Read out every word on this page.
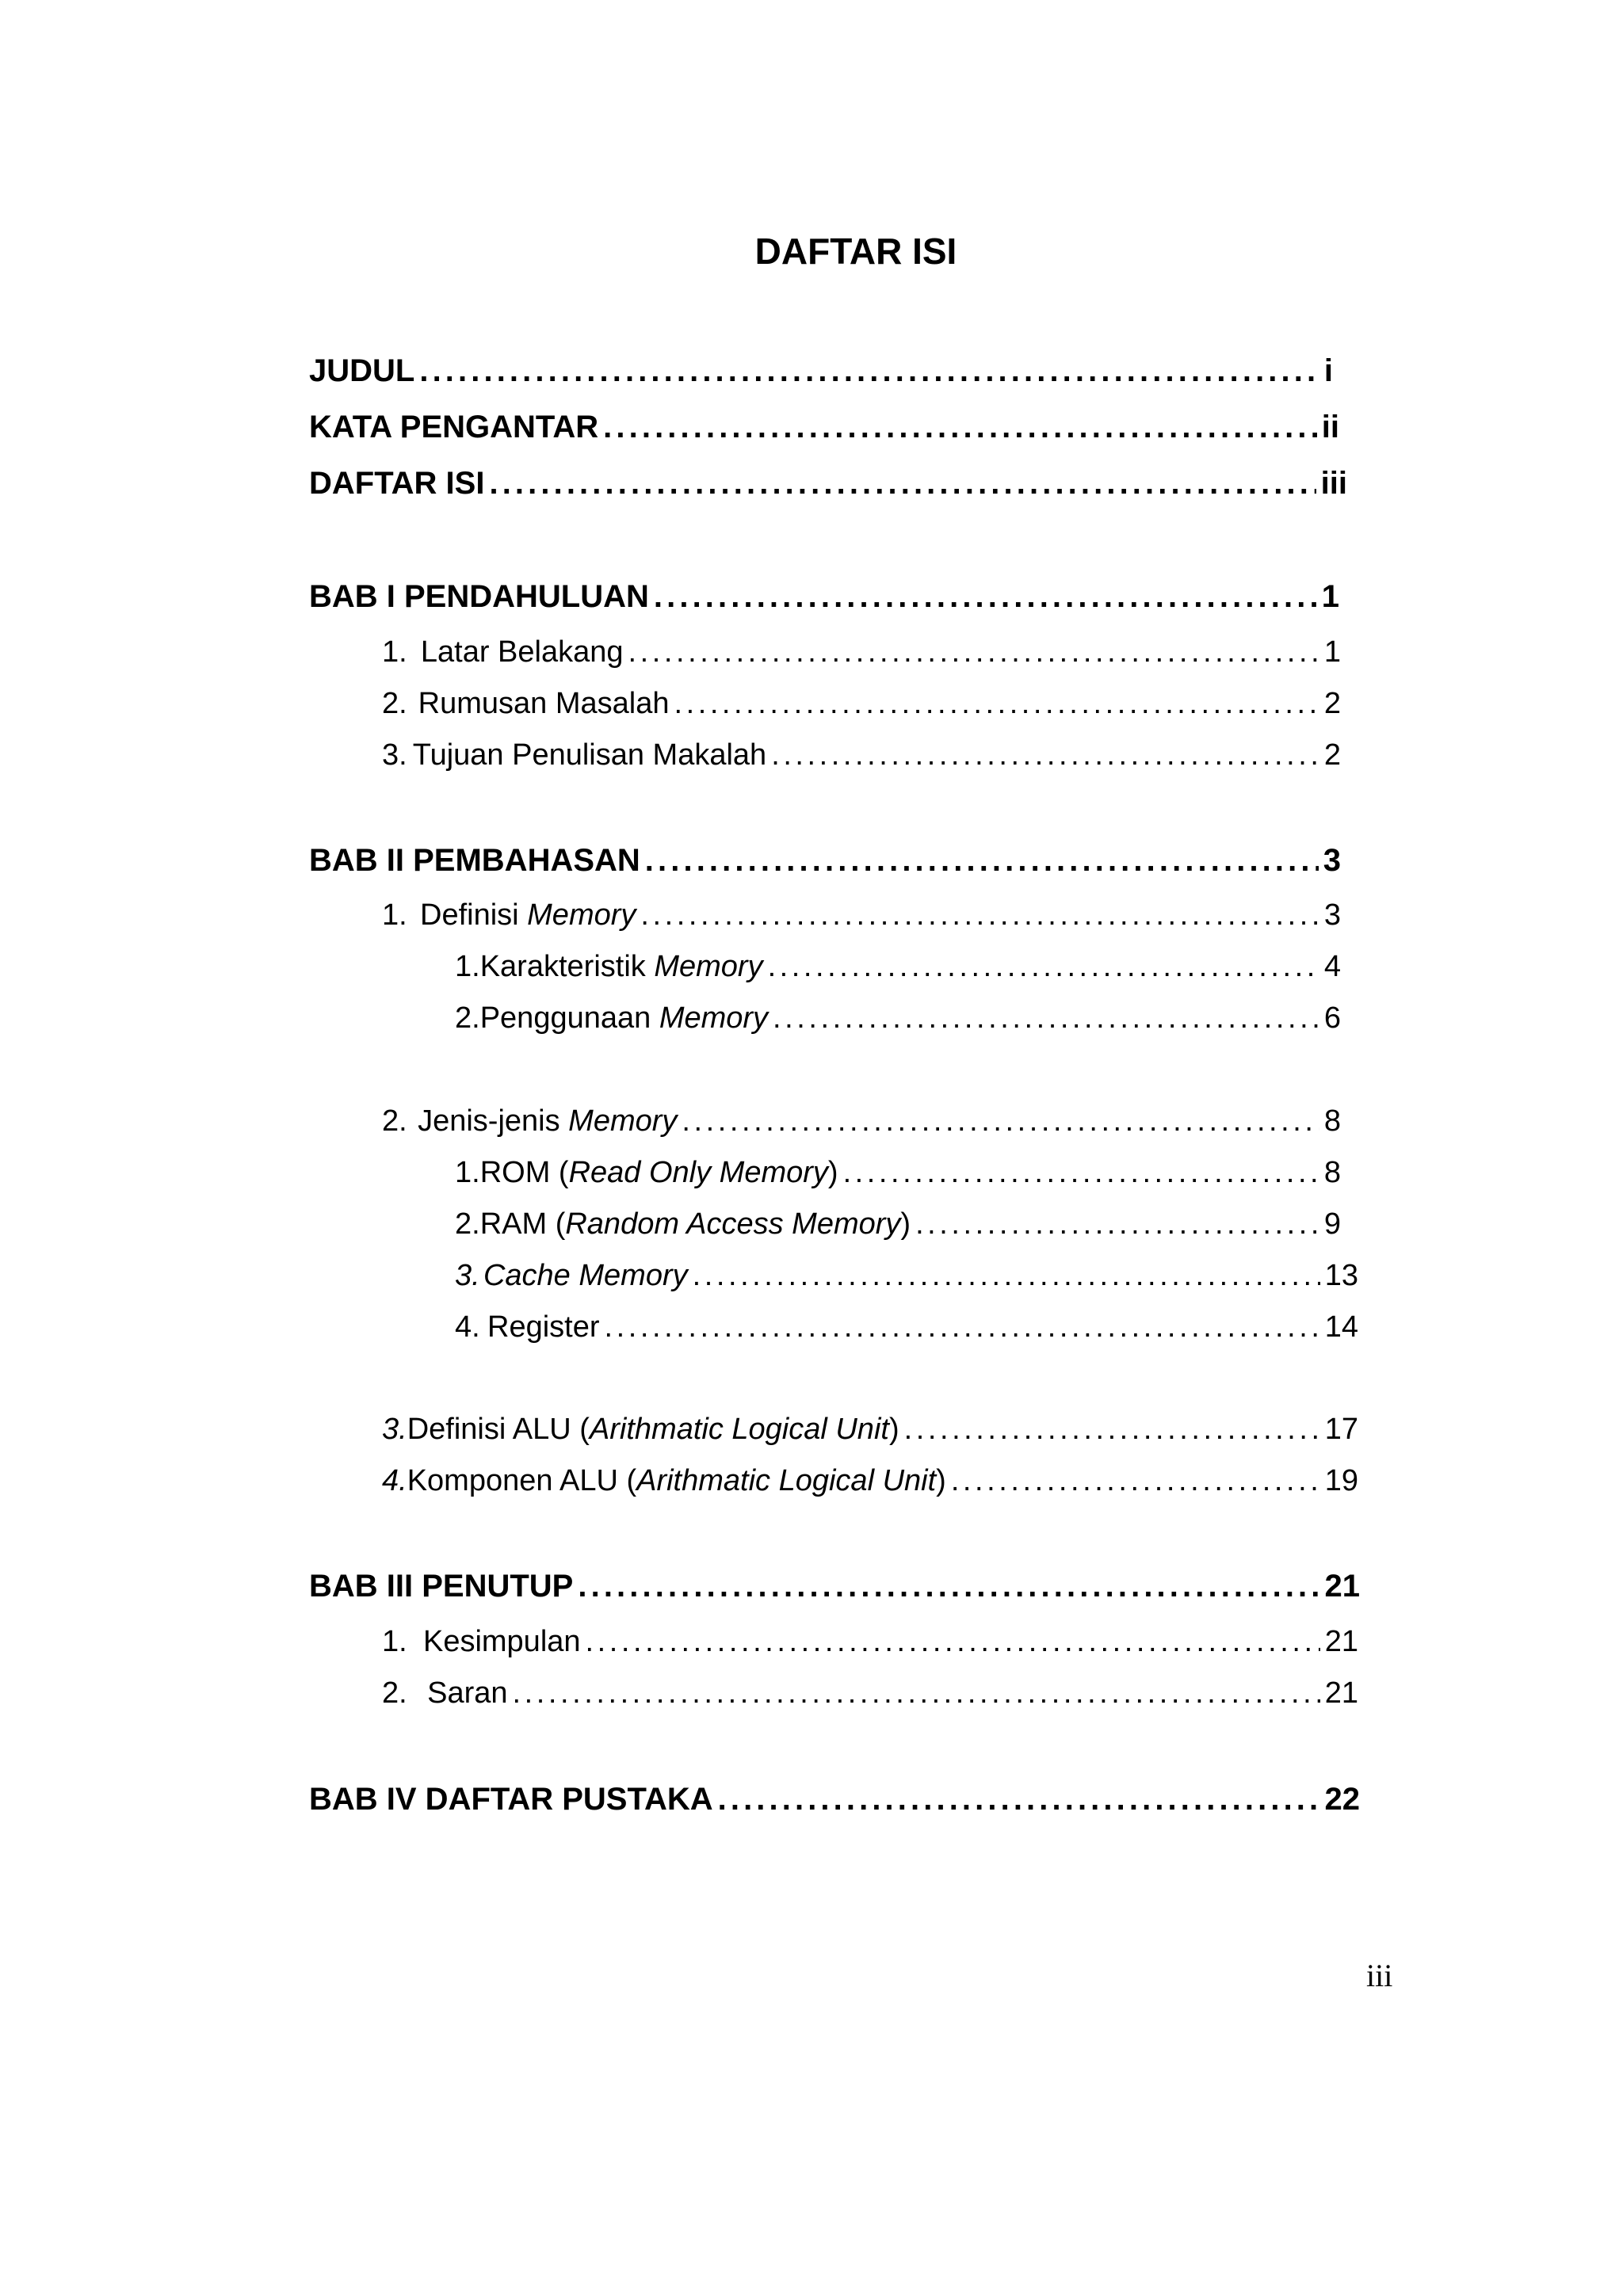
DAFTAR ISI
JUDUL . . .	i
KATA PENGANTAR . . .	ii
DAFTAR ISI . . .	iii
BAB I PENDAHULUAN . . .	1
1. Latar Belakang . . .	1
2. Rumusan Masalah . . .	2
3. Tujuan Penulisan Makalah . . .	2
BAB II PEMBAHASAN . . .	3
1. Definisi Memory . . .	3
1. Karakteristik Memory . . .	4
2. Penggunaan Memory . . .	6
2. Jenis-jenis Memory . . .	8
1. ROM (Read Only Memory) . . .	8
2. RAM (Random Access Memory) . . .	9
3. Cache Memory . . .	13
4. Register . . .	14
3. Definisi ALU (Arithmatic Logical Unit) . . .	17
4. Komponen ALU (Arithmatic Logical Unit) . . .	19
BAB III PENUTUP . . .	21
1. Kesimpulan . . .	21
2. Saran . . .	21
BAB IV DAFTAR PUSTAKA . . .	22
iii
